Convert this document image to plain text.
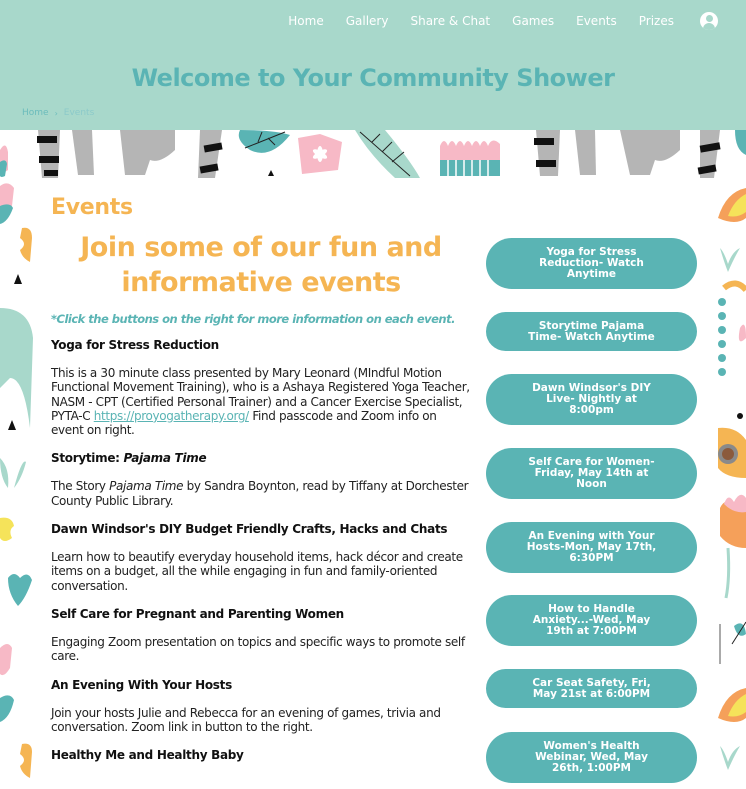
Home Gallery Share & Chat Games Events Prizes
Welcome to Your Community Shower
Home › Events
Events
Join some of our fun and informative events

*Click the buttons on the right for more information on each event.

Yoga for Stress Reduction

This is a 30 minute class presented by Mary Leonard (MIndful Motion Functional Movement Training), who is a Ashaya Registered Yoga Teacher, NASM - CPT (Certified Personal Trainer) and a Cancer Exercise Specialist, PYTA-C https://proyogatherapy.org/ Find passcode and Zoom info on event on right.

Storytime: Pajama Time

The Story Pajama Time by Sandra Boynton, read by Tiffany at Dorchester County Public Library.

Dawn Windsor's DIY Budget Friendly Crafts, Hacks and Chats

Learn how to beautify everyday household items, hack décor and create items on a budget, all the while engaging in fun and family-oriented conversation.

Self Care for Pregnant and Parenting Women

Engaging Zoom presentation on topics and specific ways to promote self care.

An Evening With Your Hosts

Join your hosts Julie and Rebecca for an evening of games, trivia and conversation. Zoom link in button to the right.

Healthy Me and Healthy Baby
Yoga for Stress Reduction- Watch Anytime
Storytime Pajama Time- Watch Anytime
Dawn Windsor's DIY Live- Nightly at 8:00pm
Self Care for Women- Friday, May 14th at Noon
An Evening with Your Hosts-Mon, May 17th, 6:30PM
How to Handle Anxiety...-Wed, May 19th at 7:00PM
Car Seat Safety, Fri, May 21st at 6:00PM
Women's Health Webinar, Wed, May 26th, 1:00PM
